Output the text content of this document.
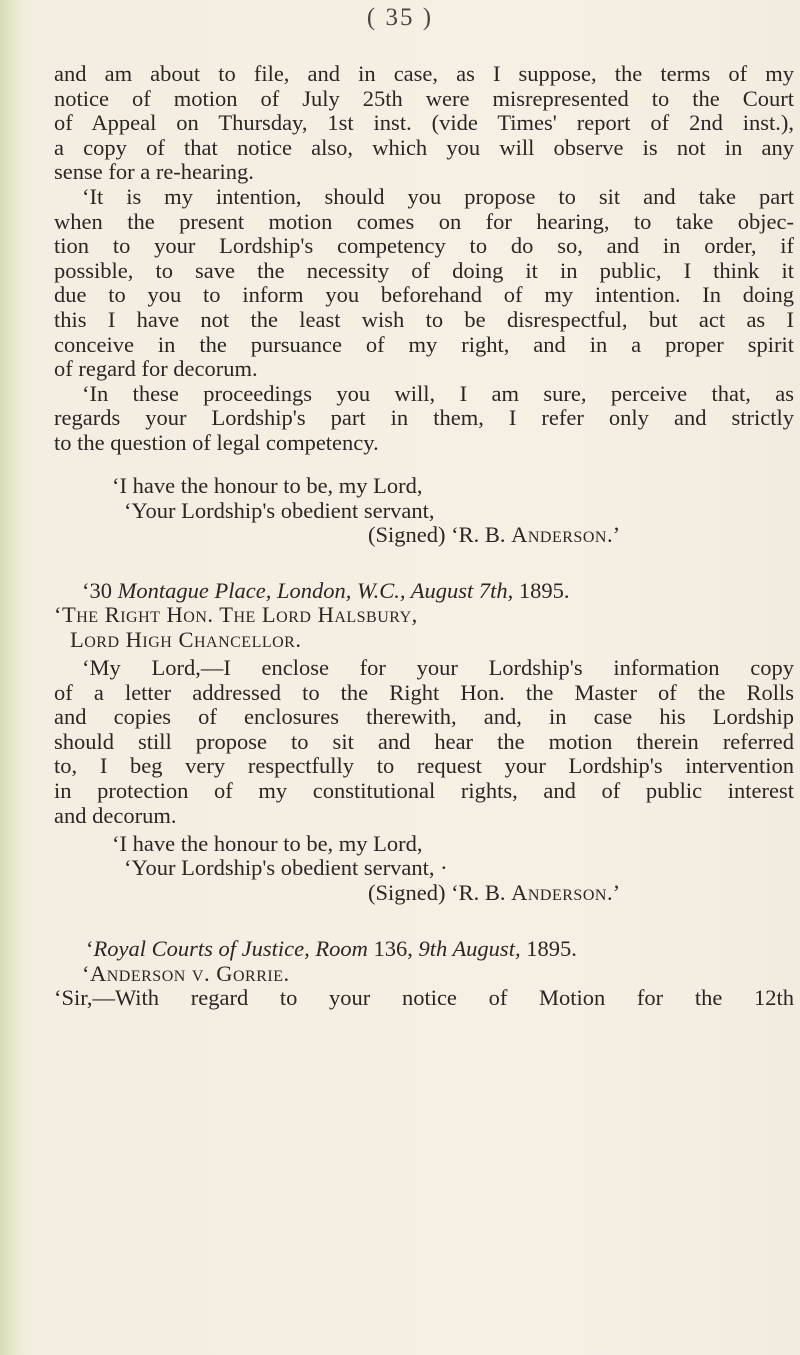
( 35 )
and am about to file, and in case, as I suppose, the terms of my
notice of motion of July 25th were misrepresented to the Court
of Appeal on Thursday, 1st inst. (vide Times' report of 2nd inst.),
a copy of that notice also, which you will observe is not in any
sense for a re-hearing.
‘It is my intention, should you propose to sit and take part
when the present motion comes on for hearing, to take objec-
tion to your Lordship's competency to do so, and in order, if
possible, to save the necessity of doing it in public, I think it
due to you to inform you beforehand of my intention. In doing
this I have not the least wish to be disrespectful, but act as I
conceive in the pursuance of my right, and in a proper spirit
of regard for decorum.
‘In these proceedings you will, I am sure, perceive that, as
regards your Lordship's part in them, I refer only and strictly
to the question of legal competency.
‘I have the honour to be, my Lord,
‘Your Lordship's obedient servant,
(Signed) ‘R. B. Anderson.’
‘30 Montague Place, London, W.C., August 7th, 1895.
‘The Right Hon. The Lord Halsbury,
Lord High Chancellor.
‘My Lord,—I enclose for your Lordship's information copy
of a letter addressed to the Right Hon. the Master of the Rolls
and copies of enclosures therewith, and, in case his Lordship
should still propose to sit and hear the motion therein referred
to, I beg very respectfully to request your Lordship's intervention
in protection of my constitutional rights, and of public interest
and decorum.
‘I have the honour to be, my Lord,
‘Your Lordship's obedient servant, ·
(Signed) ‘R. B. Anderson.’
‘Royal Courts of Justice, Room 136, 9th August, 1895.
‘Anderson v. Gorrie.
‘Sir,—With regard to your notice of Motion for the 12th
